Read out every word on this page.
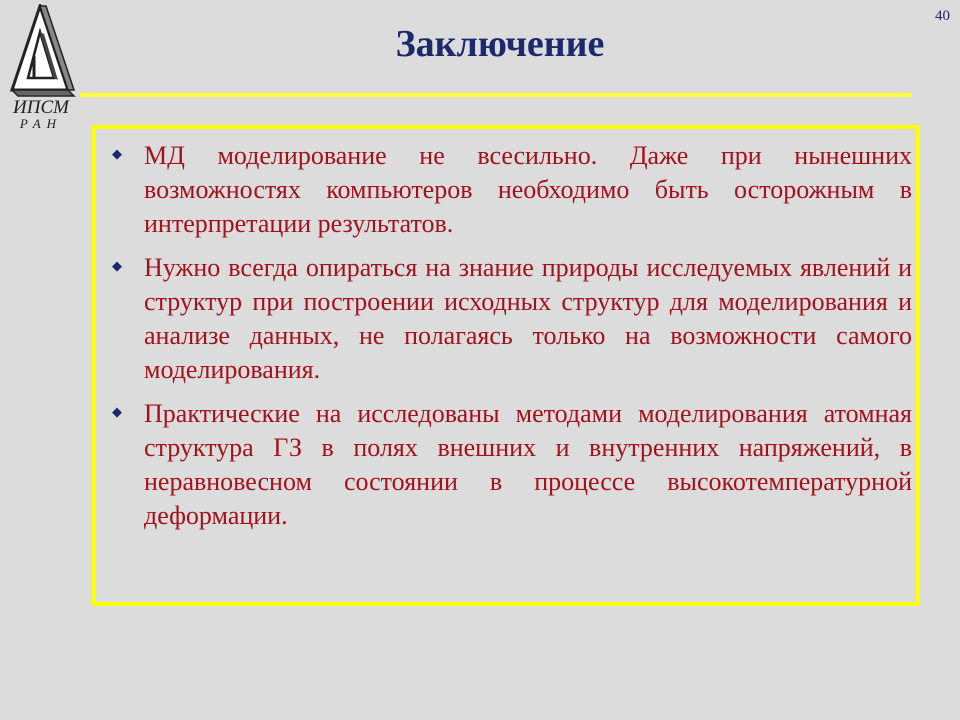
ИПСМ
РАН
40
Заключение
◆ МД моделирование не всесильно. Даже при нынешних возможностях компьютеров необходимо быть осторожным в интерпретации результатов.
◆ Нужно всегда опираться на знание природы исследуемых явлений и структур при построении исходных структур для моделирования и анализе данных, не полагаясь только на возможности самого моделирования.
◆ Практические на исследованы методами моделирования атомная структура ГЗ в полях внешних и внутренних напряжений, в неравновесном состоянии в процессе высокотемпературной деформации.
